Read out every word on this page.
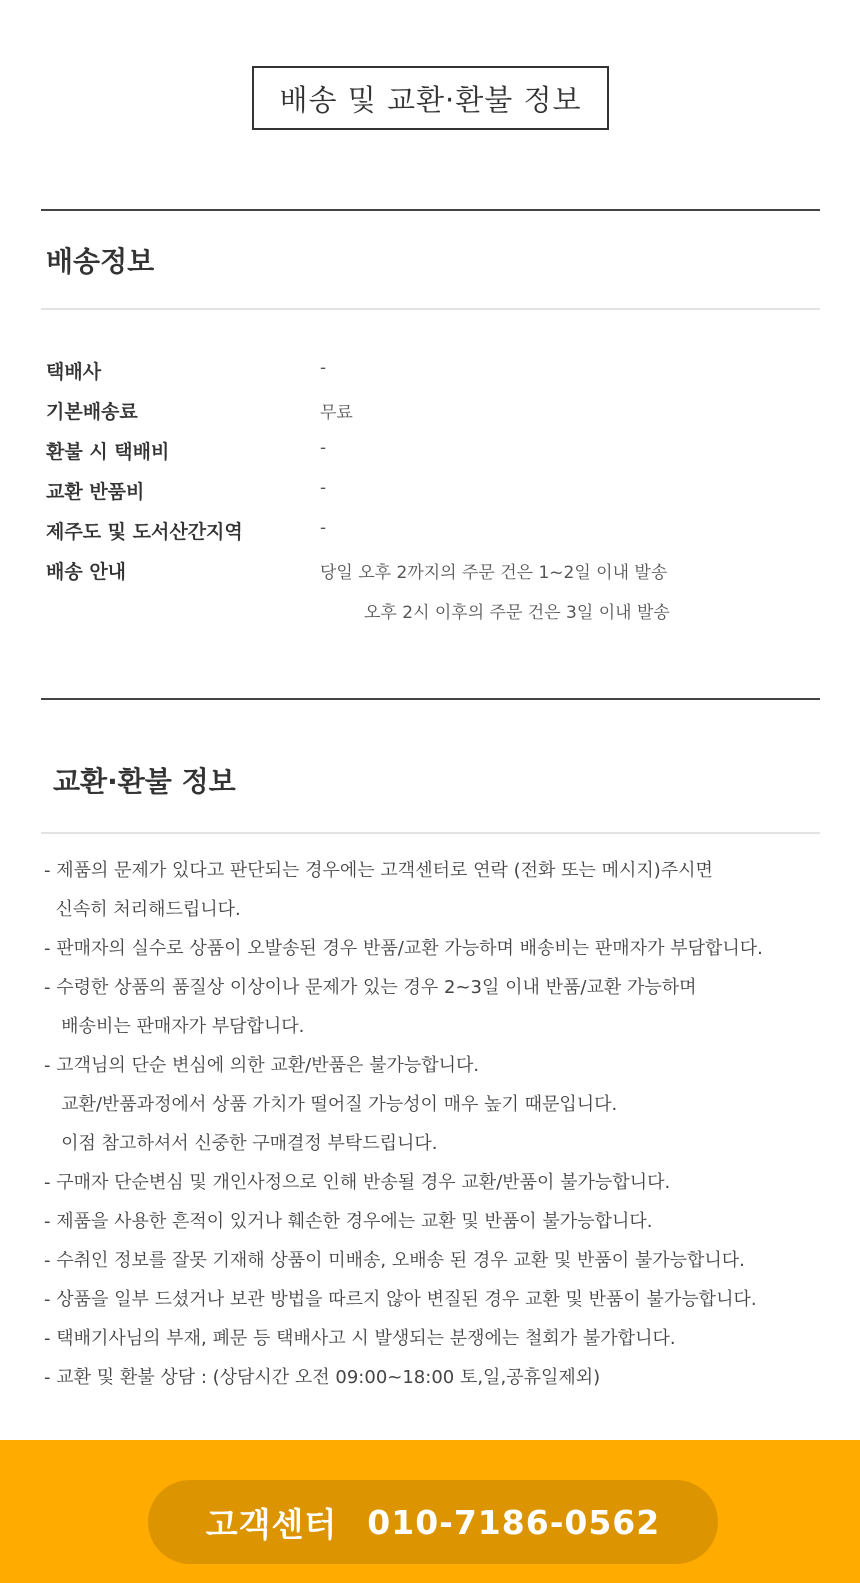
배송 및 교환·환불 정보
배송정보
택배사	-
기본배송료	무료
환불 시 택배비	-
교환 반품비	-
제주도 및 도서산간지역	-
배송 안내	당일 오후 2까지의 주문 건은 1~2일 이내 발송
오후 2시 이후의 주문 건은 3일 이내 발송
교환·환불 정보
- 제품의 문제가 있다고 판단되는 경우에는 고객센터로 연락 (전화 또는 메시지)주시면
신속히 처리해드립니다.
- 판매자의 실수로 상품이 오발송된 경우 반품/교환 가능하며 배송비는 판매자가 부담합니다.
- 수령한 상품의 품질상 이상이나 문제가 있는 경우 2~3일 이내 반품/교환 가능하며
배송비는 판매자가 부담합니다.
- 고객님의 단순 변심에 의한 교환/반품은 불가능합니다.
교환/반품과정에서 상품 가치가 떨어질 가능성이 매우 높기 때문입니다.
이점 참고하셔서 신중한 구매결정 부탁드립니다.
- 구매자 단순변심 및 개인사정으로 인해 반송될 경우 교환/반품이 불가능합니다.
- 제품을 사용한 흔적이 있거나 훼손한 경우에는 교환 및 반품이 불가능합니다.
- 수취인 정보를 잘못 기재해 상품이 미배송, 오배송 된 경우 교환 및 반품이 불가능합니다.
- 상품을 일부 드셨거나 보관 방법을 따르지 않아 변질된 경우 교환 및 반품이 불가능합니다.
- 택배기사님의 부재, 폐문 등 택배사고 시 발생되는 분쟁에는 철회가 불가합니다.
- 교환 및 환불 상담 : (상담시간 오전 09:00~18:00 토,일,공휴일제외)
고객센터 010-7186-0562
